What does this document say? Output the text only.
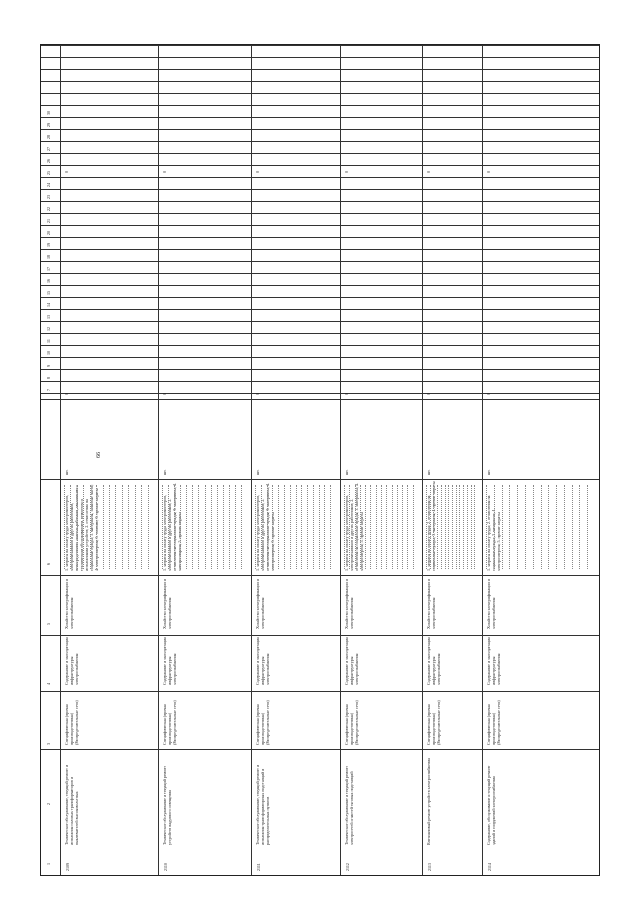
66
1
2
3
4
5
6
7
8
9
10
11
12
13
14
15
16
17
18
19
20
21
22
23
24
25
26
27
28
29
30
2109
Техническое обслуживание, текущий ремонт и испытания силовых трансформаторов и выключателей высоковольтных
Специфическая (прочая производственная) (Распределительные сети)
Содержание и эксплуатация инфраструктуры электроснабжения
Хозяйство электрификации и электроснабжения
1. затраты на оплату труда электромонтеров, электромехаников и других работников, непосредственно занятых работами, связанными с техническим обслуживанием, ремонтом и испытаниями устройств; 2. отчисления на социальные нужды; 3. материалы, запасные части; 4. электроэнергия; 5. топливо; 6. прочие затраты
шт.
0
0
2110
Техническое обслуживание и текущий ремонт устройств надувного освещения
Специфическая (прочая производственная) (Распределительные сети)
Содержание и эксплуатация инфраструктуры электроснабжения
Хозяйство электрификации и электроснабжения
1. затраты на оплату труда электромонтеров, электромехаников и других работников; 2. отчисления на социальные нужды; 3. материалы; 4. электроэнергия; 5. прочие затраты
шт.
0
0
2111
Техническое обслуживание, текущий ремонт и испытания трансформаторных подстанций и распределительных пунктов
Специфическая (прочая производственная) (Распределительные сети)
Содержание и эксплуатация инфраструктуры электроснабжения
Хозяйство электрификации и электроснабжения
1. затраты на оплату труда электромонтеров, электромехаников и других работников; 2. отчисления на социальные нужды; 3. материалы; 4. электроэнергия; 5. прочие затраты
шт.
0
0
2112
Техническое обслуживание и текущий ремонт электросетей и частей тяговых подстанций
Специфическая (прочая производственная) (Распределительные сети)
Содержание и эксплуатация инфраструктуры электроснабжения
Хозяйство электрификации и электроснабжения
1. затраты на оплату труда электромонтеров, электромехаников и других работников; 2. отчисления на социальные нужды; 3. материалы; 4. электроэнергия; 5. прочие затраты
шт.
0
0
2113
Внеплановый ремонт устройств электроснабжения
Специфическая (прочая производственная) (Распределительные сети)
Содержание и эксплуатация инфраструктуры электроснабжения
Хозяйство электрификации и электроснабжения
1. затраты на оплату труда; 2. отчисления на социальные нужды; 3. материалы; 4. прочие затраты
шт.
0
0
2114
Содержание, обслуживание и текущий ремонт зданий и сооружений электроснабжения
Специфическая (прочая производственная) (Распределительные сети)
Содержание и эксплуатация инфраструктуры электроснабжения
Хозяйство электрификации и электроснабжения
1. затраты на оплату труда; 2. отчисления на социальные нужды; 3. материалы; 4. электроэнергия; 5. прочие затраты
шт.
0
0
